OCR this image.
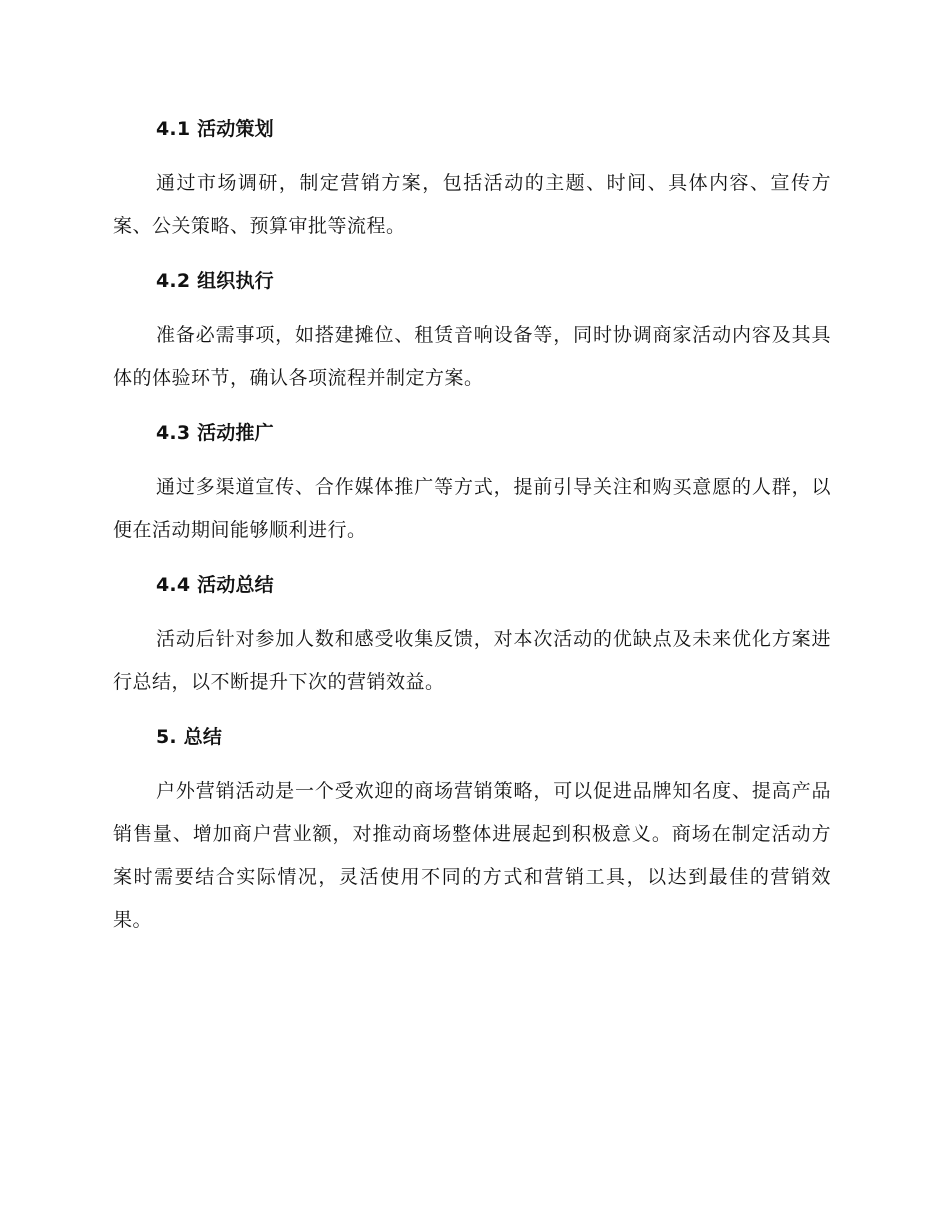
4.1 活动策划

通过市场调研，制定营销方案，包括活动的主题、时间、具体内容、宣传方案、公关策略、预算审批等流程。

4.2 组织执行

准备必需事项，如搭建摊位、租赁音响设备等，同时协调商家活动内容及其具体的体验环节，确认各项流程并制定方案。

4.3 活动推广

通过多渠道宣传、合作媒体推广等方式，提前引导关注和购买意愿的人群，以便在活动期间能够顺利进行。

4.4 活动总结

活动后针对参加人数和感受收集反馈，对本次活动的优缺点及未来优化方案进行总结，以不断提升下次的营销效益。

5. 总结

户外营销活动是一个受欢迎的商场营销策略，可以促进品牌知名度、提高产品销售量、增加商户营业额，对推动商场整体进展起到积极意义。商场在制定活动方案时需要结合实际情况，灵活使用不同的方式和营销工具，以达到最佳的营销效果。
